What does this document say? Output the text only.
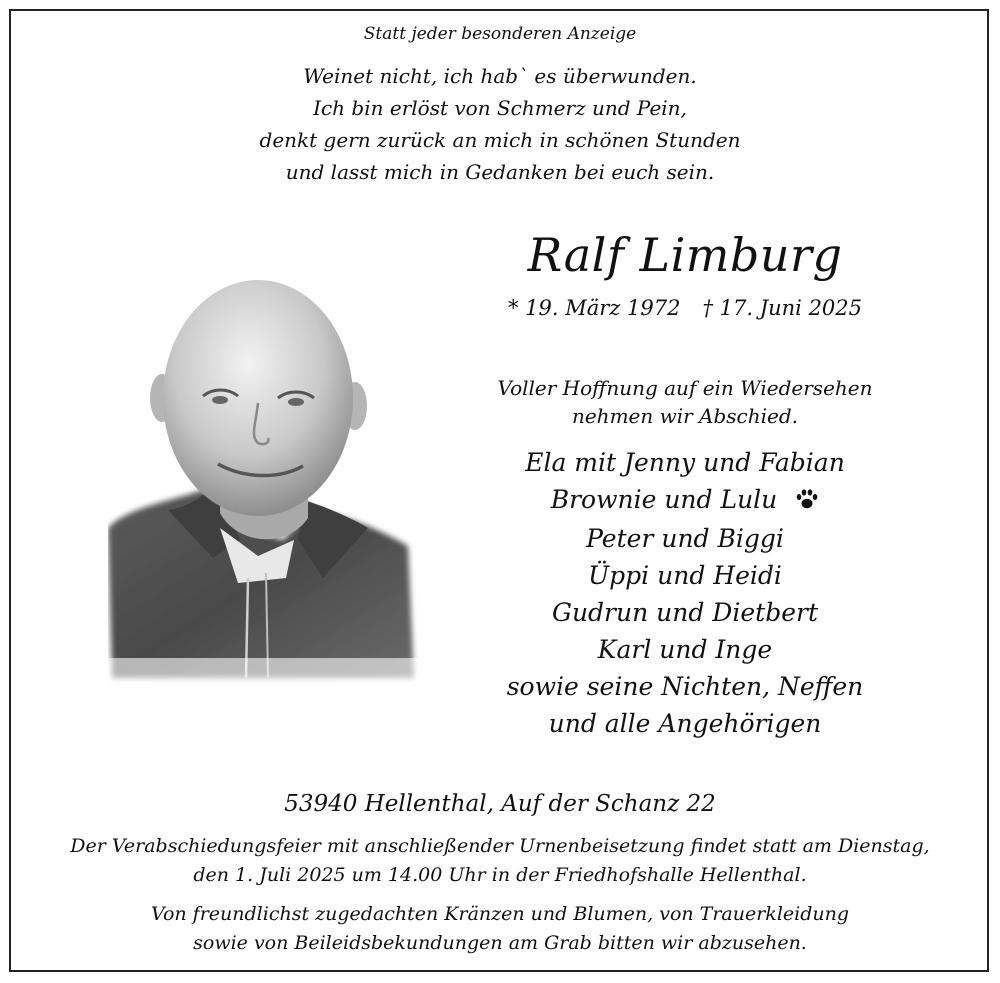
Statt jeder besonderen Anzeige
Weinet nicht, ich hab` es überwunden.
Ich bin erlöst von Schmerz und Pein,
denkt gern zurück an mich in schönen Stunden
und lasst mich in Gedanken bei euch sein.
Ralf Limburg
* 19. März 1972 † 17. Juni 2025
Voller Hoffnung auf ein Wiedersehen
nehmen wir Abschied.
Ela mit Jenny und Fabian
Brownie und Lulu
Peter und Biggi
Üppi und Heidi
Gudrun und Dietbert
Karl und Inge
sowie seine Nichten, Neffen
und alle Angehörigen
53940 Hellenthal, Auf der Schanz 22
Der Verabschiedungsfeier mit anschließender Urnenbeisetzung findet statt am Dienstag,
den 1. Juli 2025 um 14.00 Uhr in der Friedhofshalle Hellenthal.
Von freundlichst zugedachten Kränzen und Blumen, von Trauerkleidung
sowie von Beileidsbekundungen am Grab bitten wir abzusehen.
